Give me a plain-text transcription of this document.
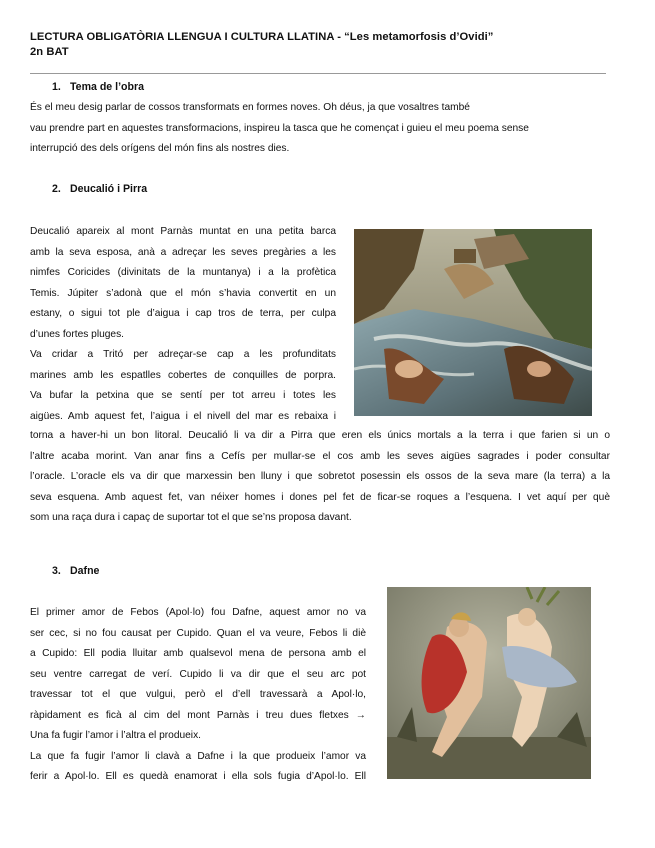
LECTURA OBLIGATÒRIA LLENGUA I CULTURA LLATINA - “Les metamorfosis d’Ovidi”
2n BAT
1. Tema de l’obra
És el meu desig parlar de cossos transformats en formes noves. Oh déus, ja que vosaltres també
vau prendre part en aquestes transformacions, inspireu la tasca que he començat i guieu el meu poema sense
interrupció des dels orígens del món fins als nostres dies.
2. Deucalió i Pirra
Deucalió apareix al mont Parnàs muntat en una petita barca
amb la seva esposa, anà a adreçar les seves pregàries a les
nimfes Coricides (divinitats de la muntanya) i a la profètica
Temis. Júpiter s’adonà que el món s’havia convertit en un
estany, o sigui tot ple d’aigua i cap tros de terra, per culpa
d’unes fortes pluges.
Va cridar a Tritó per adreçar-se cap a les profunditats
marines amb les espatlles cobertes de conquilles de porpra.
Va bufar la petxina que se sentí per tot arreu i totes les
aigües. Amb aquest fet, l’aigua i el nivell del mar es rebaixa i
torna a haver-hi un bon litoral. Deucalió li va dir a Pirra que eren els únics mortals a la terra i que farien si un o
l’altre acaba morint. Van anar fins a Cefís per mullar-se el cos amb les seves aigües sagrades i poder consultar
l’oracle. L’oracle els va dir que marxessin ben lluny i que sobretot posessin els ossos de la seva mare (la terra) a la
seva esquena. Amb aquest fet, van néixer homes i dones pel fet de ficar-se roques a l’esquena. I vet aquí per què
som una raça dura i capaç de suportar tot el que se’ns proposa davant.
3. Dafne
El primer amor de Febos (Apol·lo) fou Dafne, aquest amor no va
ser cec, si no fou causat per Cupido. Quan el va veure, Febos li diè
a Cupido: Ell podia lluitar amb qualsevol mena de persona amb el
seu ventre carregat de verí. Cupido li va dir que el seu arc pot
travessar tot el que vulgui, però el d’ell travessarà a Apol·lo,
ràpidament es ficà al cim del mont Parnàs i treu dues fletxes →
Una fa fugir l’amor i l’altra el produeix.
La que fa fugir l’amor li clavà a Dafne i la que produeix l’amor va
ferir a Apol·lo. Ell es quedà enamorat i ella sols fugia d’Apol·lo. Ell
